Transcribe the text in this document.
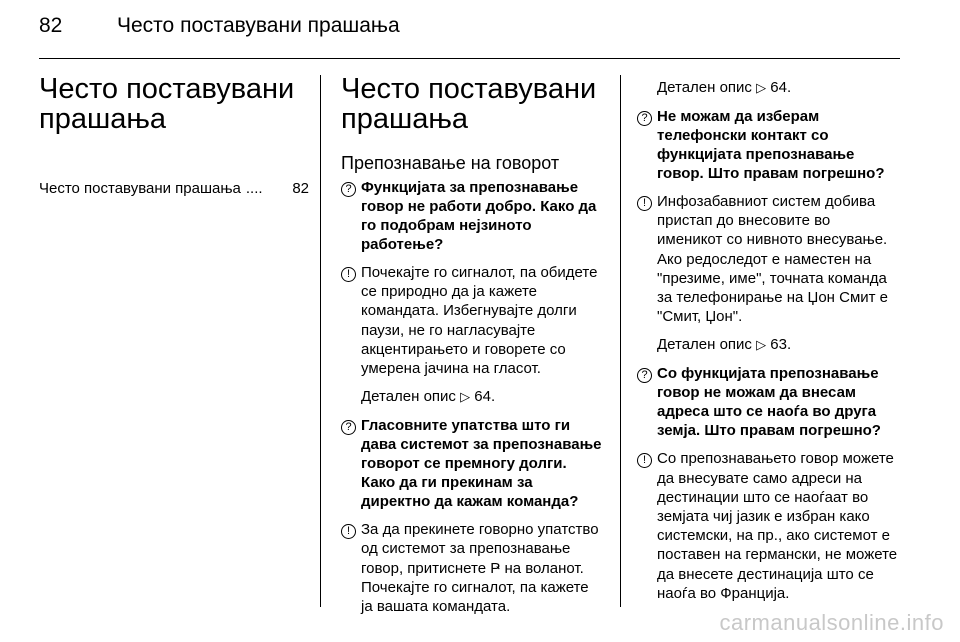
82	Често поставувани прашања
Често поставувани прашања
Често поставувани прашања ....	82
Често поставувани прашања
Препознавање на говорот
? Функцијата за препознавање говор не работи добро. Како да го подобрам нејзиното работење?
! Почекајте го сигналот, па обидете се природно да ја кажете командата. Избегнувајте долги паузи, не го нагласувајте акцентирањето и говорете со умерена јачина на гласот.
Детален опис ▷ 64.
? Гласовните упатства што ги дава системот за препознавање говорот се премногу долги. Како да ги прекинам за директно да кажам команда?
! За да прекинете говорно упатство од системот за препознавање говор, притиснете Ҏ на воланот. Почекајте го сигналот, па кажете ја вашата командата.
Детален опис ▷ 64.
? Не можам да изберам телефонски контакт со функцијата препознавање говор. Што правам погрешно?
! Инфозабавниот систем добива пристап до внесовите во именикот со нивното внесување. Ако редоследот е наместен на "презиме, име", точната команда за телефонирање на Џон Смит е "Смит, Џон".
Детален опис ▷ 63.
? Со функцијата препознавање говор не можам да внесам адреса што се наоѓа во друга земја. Што правам погрешно?
! Со препознавањето говор можете да внесувате само адреси на дестинации што се наоѓаат во земјата чиј јазик е избран како системски, на пр., ако системот е поставен на германски, не можете да внесете дестинација што се наоѓа во Франција.
carmanualsonline.info
